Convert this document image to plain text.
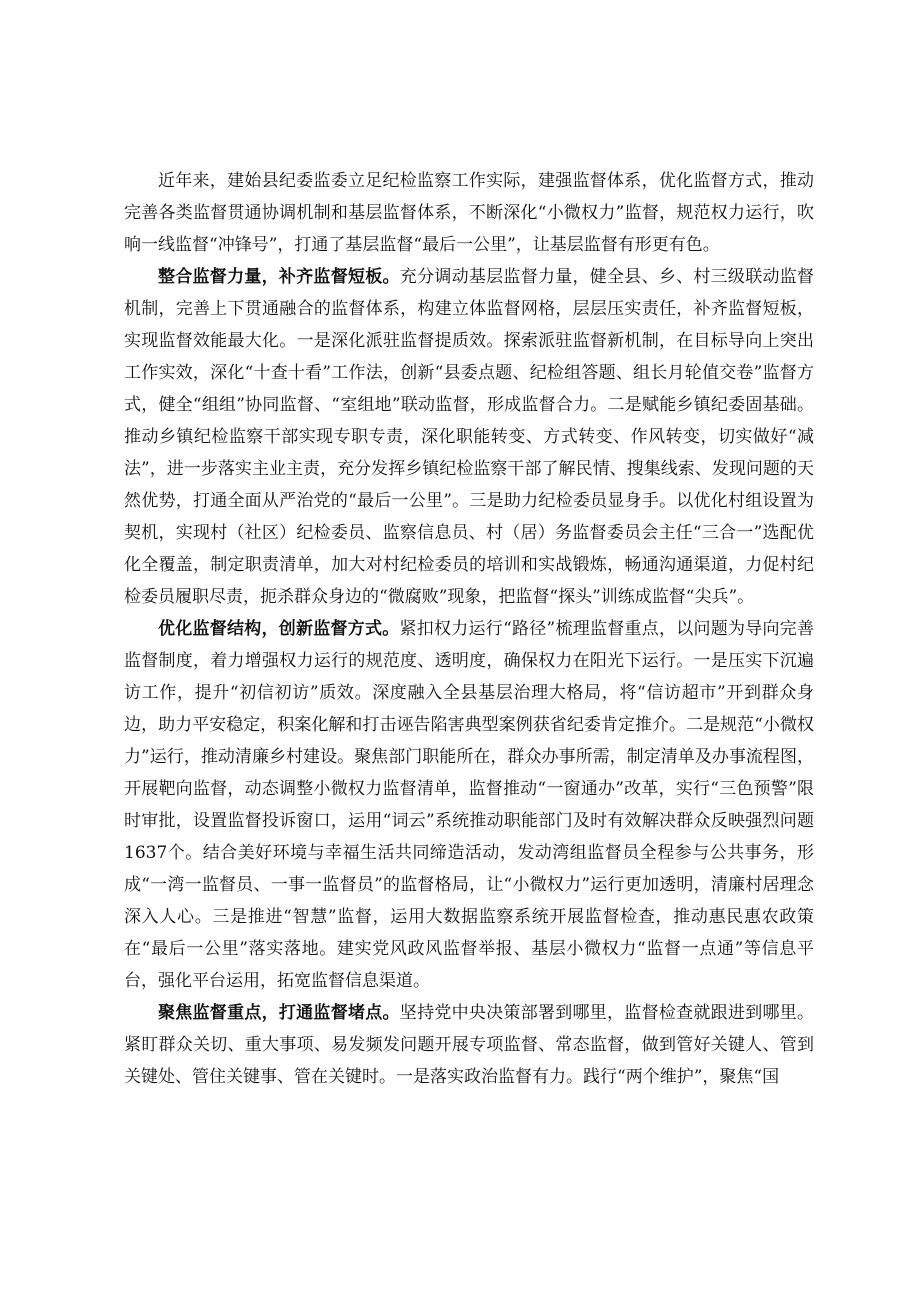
近年来，建始县纪委监委立足纪检监察工作实际，建强监督体系，优化监督方式，推动完善各类监督贯通协调机制和基层监督体系，不断深化“小微权力”监督，规范权力运行，吹响一线监督“冲锋号”，打通了基层监督“最后一公里”，让基层监督有形更有色。

整合监督力量，补齐监督短板。充分调动基层监督力量，健全县、乡、村三级联动监督机制，完善上下贯通融合的监督体系，构建立体监督网格，层层压实责任，补齐监督短板，实现监督效能最大化。一是深化派驻监督提质效。探索派驻监督新机制，在目标导向上突出工作实效，深化“十查十看”工作法，创新“县委点题、纪检组答题、组长月轮值交卷”监督方式，健全“组组”协同监督、“室组地”联动监督，形成监督合力。二是赋能乡镇纪委固基础。推动乡镇纪检监察干部实现专职专责，深化职能转变、方式转变、作风转变，切实做好“减法”，进一步落实主业主责，充分发挥乡镇纪检监察干部了解民情、搜集线索、发现问题的天然优势，打通全面从严治党的“最后一公里”。三是助力纪检委员显身手。以优化村组设置为契机，实现村（社区）纪检委员、监察信息员、村（居）务监督委员会主任“三合一”选配优化全覆盖，制定职责清单，加大对村纪检委员的培训和实战锻炼，畅通沟通渠道，力促村纪检委员履职尽责，扼杀群众身边的“微腐败”现象，把监督“探头”训练成监督“尖兵”。

优化监督结构，创新监督方式。紧扣权力运行“路径”梳理监督重点，以问题为导向完善监督制度，着力增强权力运行的规范度、透明度，确保权力在阳光下运行。一是压实下沉遍访工作，提升“初信初访”质效。深度融入全县基层治理大格局，将“信访超市”开到群众身边，助力平安稳定，积案化解和打击诬告陷害典型案例获省纪委肯定推介。二是规范“小微权力”运行，推动清廉乡村建设。聚焦部门职能所在，群众办事所需，制定清单及办事流程图，开展靶向监督，动态调整小微权力监督清单，监督推动“一窗通办”改革，实行“三色预警”限时审批，设置监督投诉窗口，运用“词云”系统推动职能部门及时有效解决群众反映强烈问题1637个。结合美好环境与幸福生活共同缔造活动，发动湾组监督员全程参与公共事务，形成“一湾一监督员、一事一监督员”的监督格局，让“小微权力”运行更加透明，清廉村居理念深入人心。三是推进“智慧”监督，运用大数据监察系统开展监督检查，推动惠民惠农政策在“最后一公里”落实落地。建实党风政风监督举报、基层小微权力“监督一点通”等信息平台，强化平台运用，拓宽监督信息渠道。

聚焦监督重点，打通监督堵点。坚持党中央决策部署到哪里，监督检查就跟进到哪里。紧盯群众关切、重大事项、易发频发问题开展专项监督、常态监督，做到管好关键人、管到关键处、管住关键事、管在关键时。一是落实政治监督有力。践行“两个维护”，聚焦“国
